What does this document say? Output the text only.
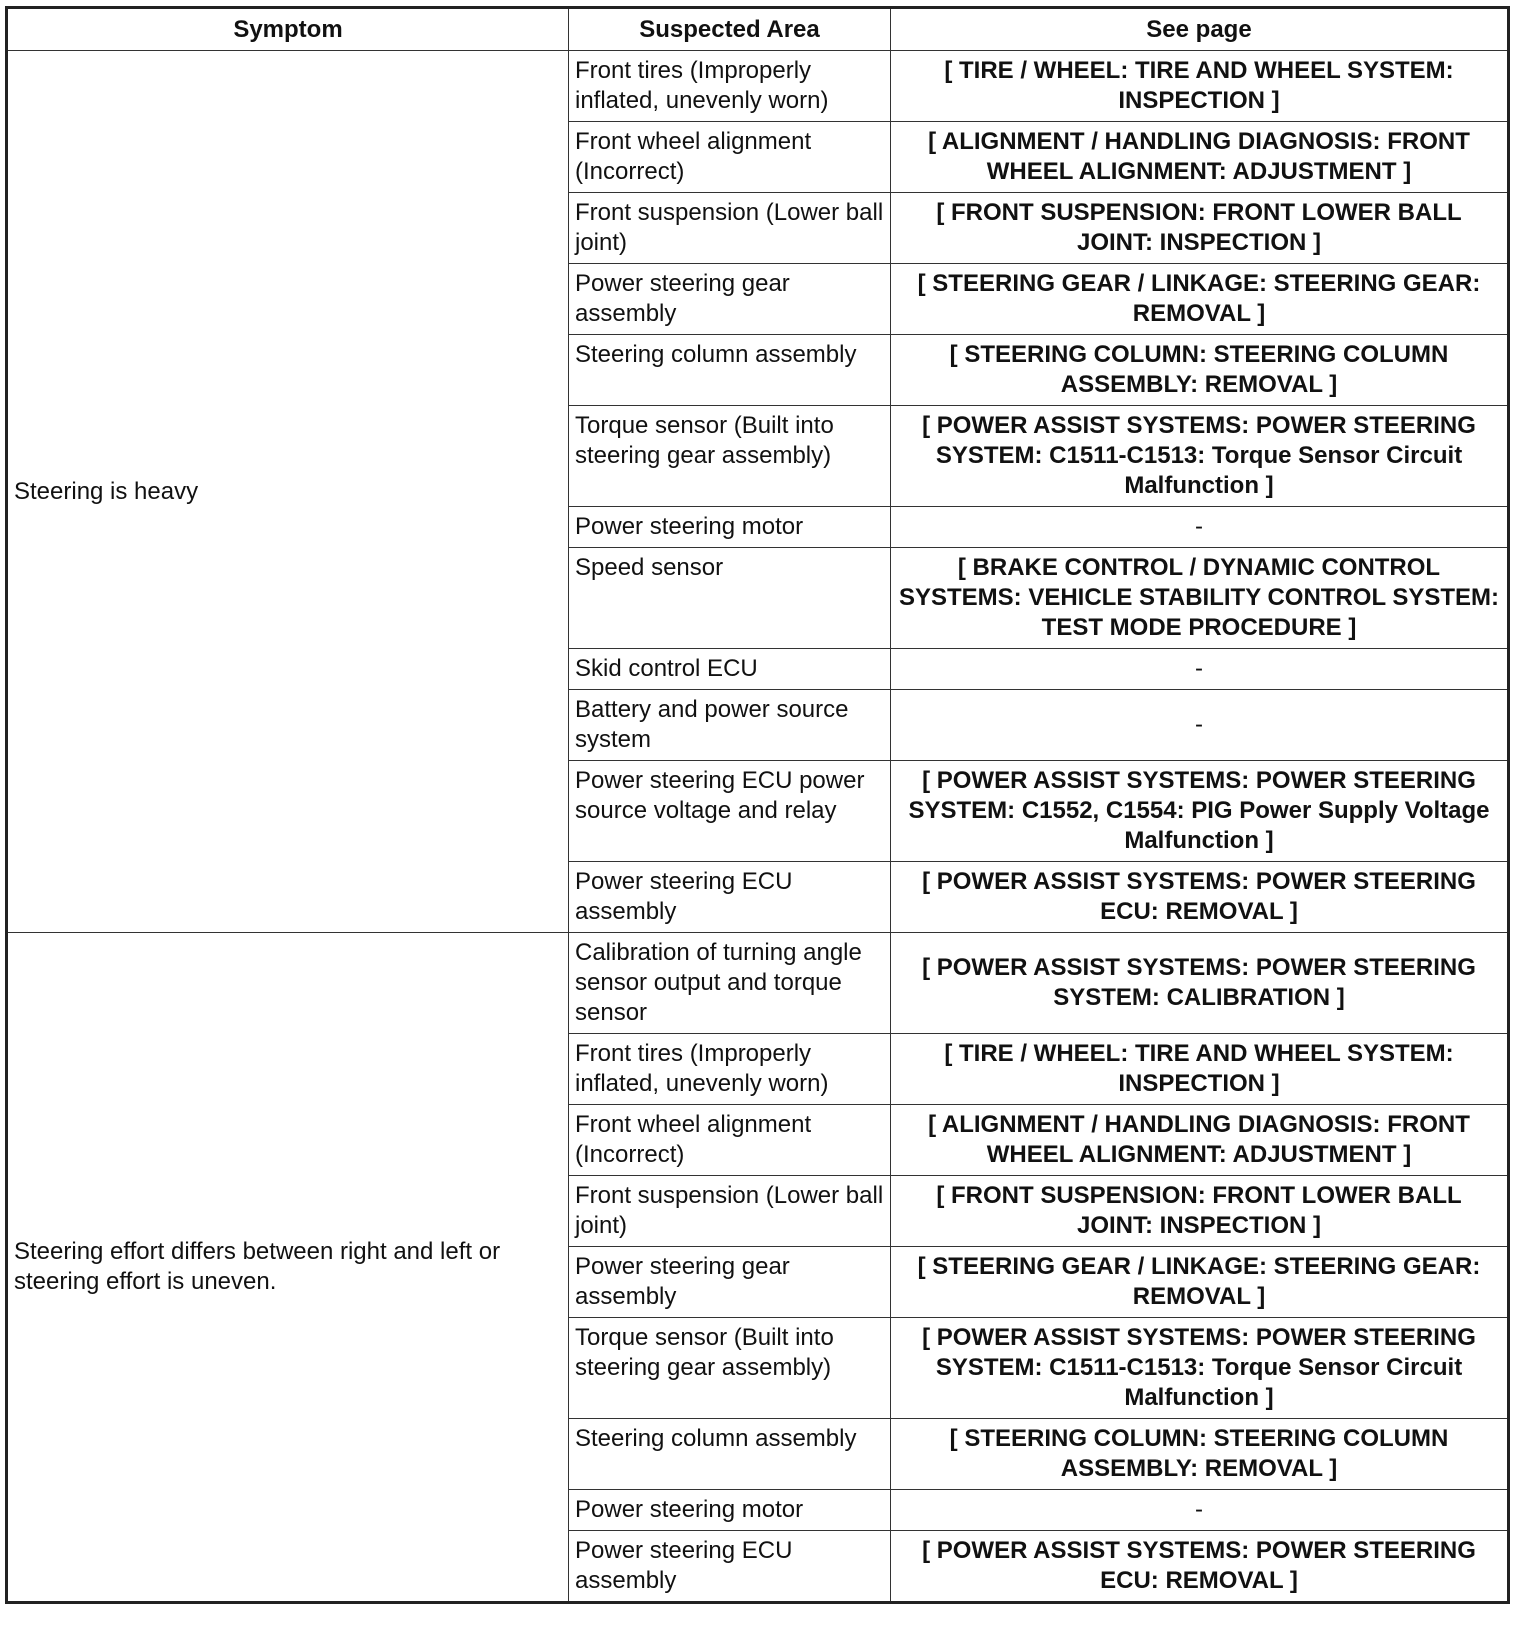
Symptom	Suspected Area	See page
Steering is heavy	Front tires (Improperly inflated, unevenly worn)	[ TIRE / WHEEL: TIRE AND WHEEL SYSTEM: INSPECTION ]
	Front wheel alignment (Incorrect)	[ ALIGNMENT / HANDLING DIAGNOSIS: FRONT WHEEL ALIGNMENT: ADJUSTMENT ]
	Front suspension (Lower ball joint)	[ FRONT SUSPENSION: FRONT LOWER BALL JOINT: INSPECTION ]
	Power steering gear assembly	[ STEERING GEAR / LINKAGE: STEERING GEAR: REMOVAL ]
	Steering column assembly	[ STEERING COLUMN: STEERING COLUMN ASSEMBLY: REMOVAL ]
	Torque sensor (Built into steering gear assembly)	[ POWER ASSIST SYSTEMS: POWER STEERING SYSTEM: C1511-C1513: Torque Sensor Circuit Malfunction ]
	Power steering motor	-
	Speed sensor	[ BRAKE CONTROL / DYNAMIC CONTROL SYSTEMS: VEHICLE STABILITY CONTROL SYSTEM: TEST MODE PROCEDURE ]
	Skid control ECU	-
	Battery and power source system	-
	Power steering ECU power source voltage and relay	[ POWER ASSIST SYSTEMS: POWER STEERING SYSTEM: C1552, C1554: PIG Power Supply Voltage Malfunction ]
	Power steering ECU assembly	[ POWER ASSIST SYSTEMS: POWER STEERING ECU: REMOVAL ]
Steering effort differs between right and left or steering effort is uneven.	Calibration of turning angle sensor output and torque sensor	[ POWER ASSIST SYSTEMS: POWER STEERING SYSTEM: CALIBRATION ]
	Front tires (Improperly inflated, unevenly worn)	[ TIRE / WHEEL: TIRE AND WHEEL SYSTEM: INSPECTION ]
	Front wheel alignment (Incorrect)	[ ALIGNMENT / HANDLING DIAGNOSIS: FRONT WHEEL ALIGNMENT: ADJUSTMENT ]
	Front suspension (Lower ball joint)	[ FRONT SUSPENSION: FRONT LOWER BALL JOINT: INSPECTION ]
	Power steering gear assembly	[ STEERING GEAR / LINKAGE: STEERING GEAR: REMOVAL ]
	Torque sensor (Built into steering gear assembly)	[ POWER ASSIST SYSTEMS: POWER STEERING SYSTEM: C1511-C1513: Torque Sensor Circuit Malfunction ]
	Steering column assembly	[ STEERING COLUMN: STEERING COLUMN ASSEMBLY: REMOVAL ]
	Power steering motor	-
	Power steering ECU assembly	[ POWER ASSIST SYSTEMS: POWER STEERING ECU: REMOVAL ]
